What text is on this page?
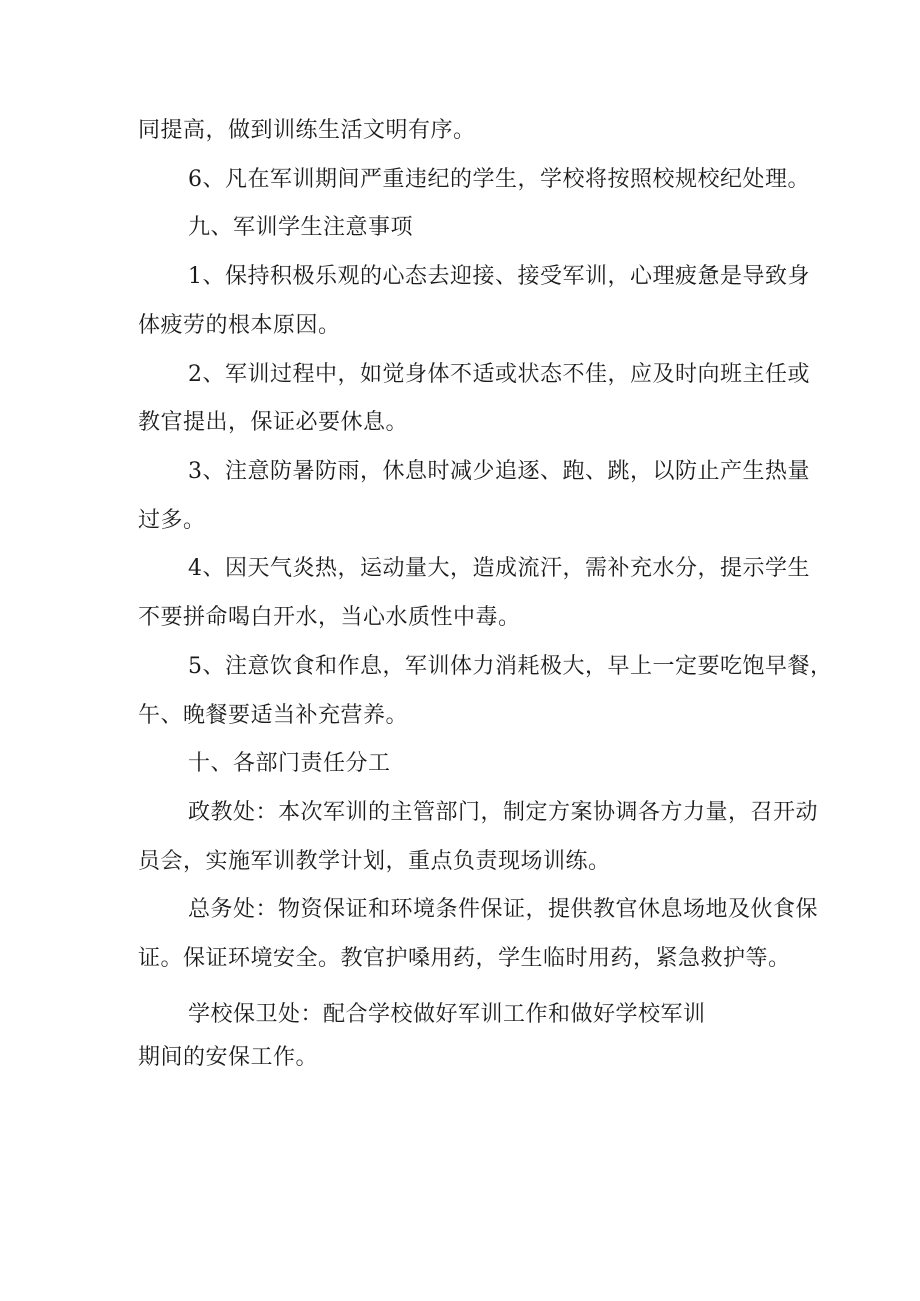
同提高，做到训练生活文明有序。
6、凡在军训期间严重违纪的学生，学校将按照校规校纪处理。
九、军训学生注意事项
1、保持积极乐观的心态去迎接、接受军训，心理疲惫是导致身
体疲劳的根本原因。
2、军训过程中，如觉身体不适或状态不佳，应及时向班主任或
教官提出，保证必要休息。
3、注意防暑防雨，休息时减少追逐、跑、跳，以防止产生热量
过多。
4、因天气炎热，运动量大，造成流汗，需补充水分，提示学生
不要拼命喝白开水，当心水质性中毒。
5、注意饮食和作息，军训体力消耗极大，早上一定要吃饱早餐，
午、晚餐要适当补充营养。
十、各部门责任分工
政教处：本次军训的主管部门，制定方案协调各方力量，召开动
员会，实施军训教学计划，重点负责现场训练。
总务处：物资保证和环境条件保证，提供教官休息场地及伙食保
证。保证环境安全。教官护嗓用药，学生临时用药，紧急救护等。
学校保卫处：配合学校做好军训工作和做好学校军训
期间的安保工作。
